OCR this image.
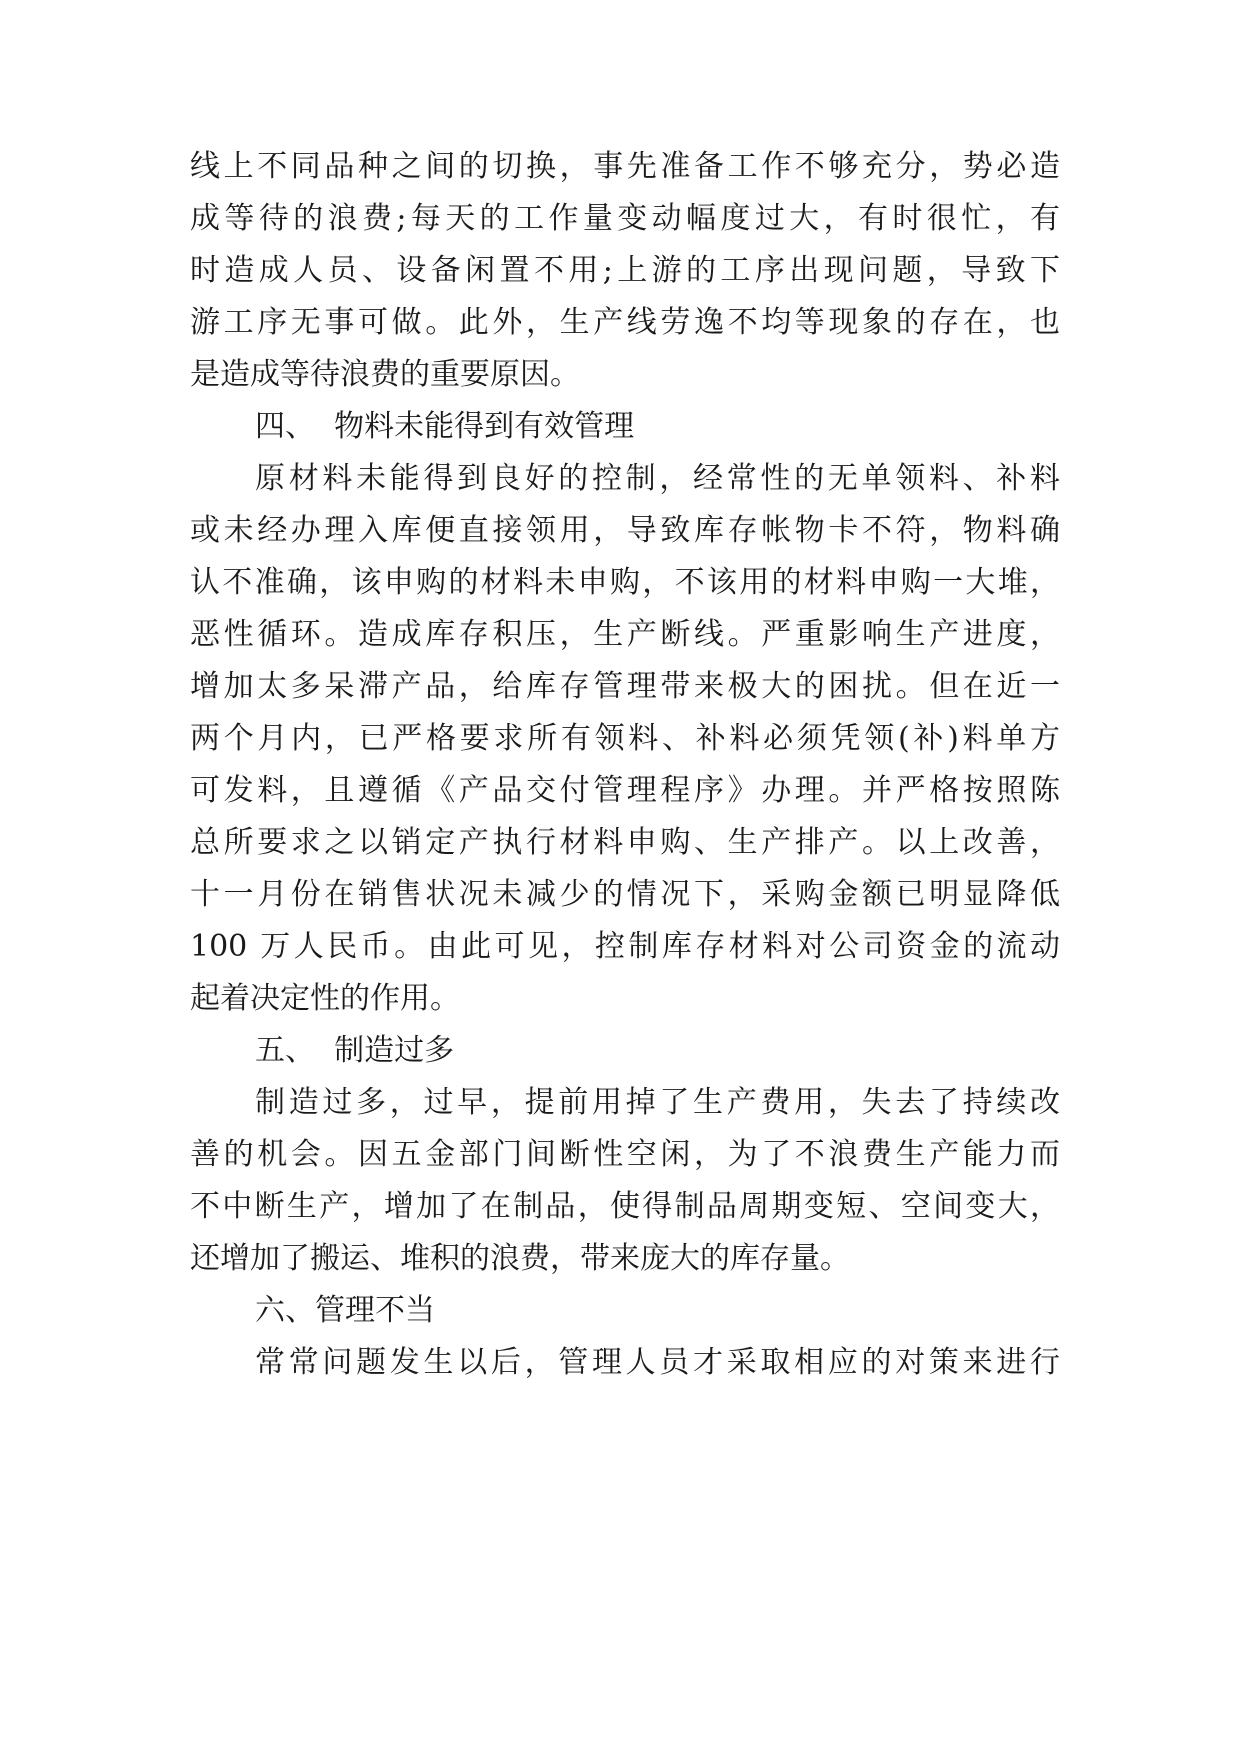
线上不同品种之间的切换，事先准备工作不够充分，势必造
成等待的浪费;每天的工作量变动幅度过大，有时很忙，有
时造成人员、设备闲置不用;上游的工序出现问题，导致下
游工序无事可做。此外，生产线劳逸不均等现象的存在，也
是造成等待浪费的重要原因。
四、  物料未能得到有效管理
原材料未能得到良好的控制，经常性的无单领料、补料
或未经办理入库便直接领用，导致库存帐物卡不符，物料确
认不准确，该申购的材料未申购，不该用的材料申购一大堆，
恶性循环。造成库存积压，生产断线。严重影响生产进度，
增加太多呆滞产品，给库存管理带来极大的困扰。但在近一
两个月内，已严格要求所有领料、补料必须凭领(补)料单方
可发料，且遵循《产品交付管理程序》办理。并严格按照陈
总所要求之以销定产执行材料申购、生产排产。以上改善，
十一月份在销售状况未减少的情况下，采购金额已明显降低
100 万人民币。由此可见，控制库存材料对公司资金的流动
起着决定性的作用。
五、  制造过多
制造过多，过早，提前用掉了生产费用，失去了持续改
善的机会。因五金部门间断性空闲，为了不浪费生产能力而
不中断生产，增加了在制品，使得制品周期变短、空间变大，
还增加了搬运、堆积的浪费，带来庞大的库存量。
六、管理不当
常常问题发生以后，管理人员才采取相应的对策来进行
